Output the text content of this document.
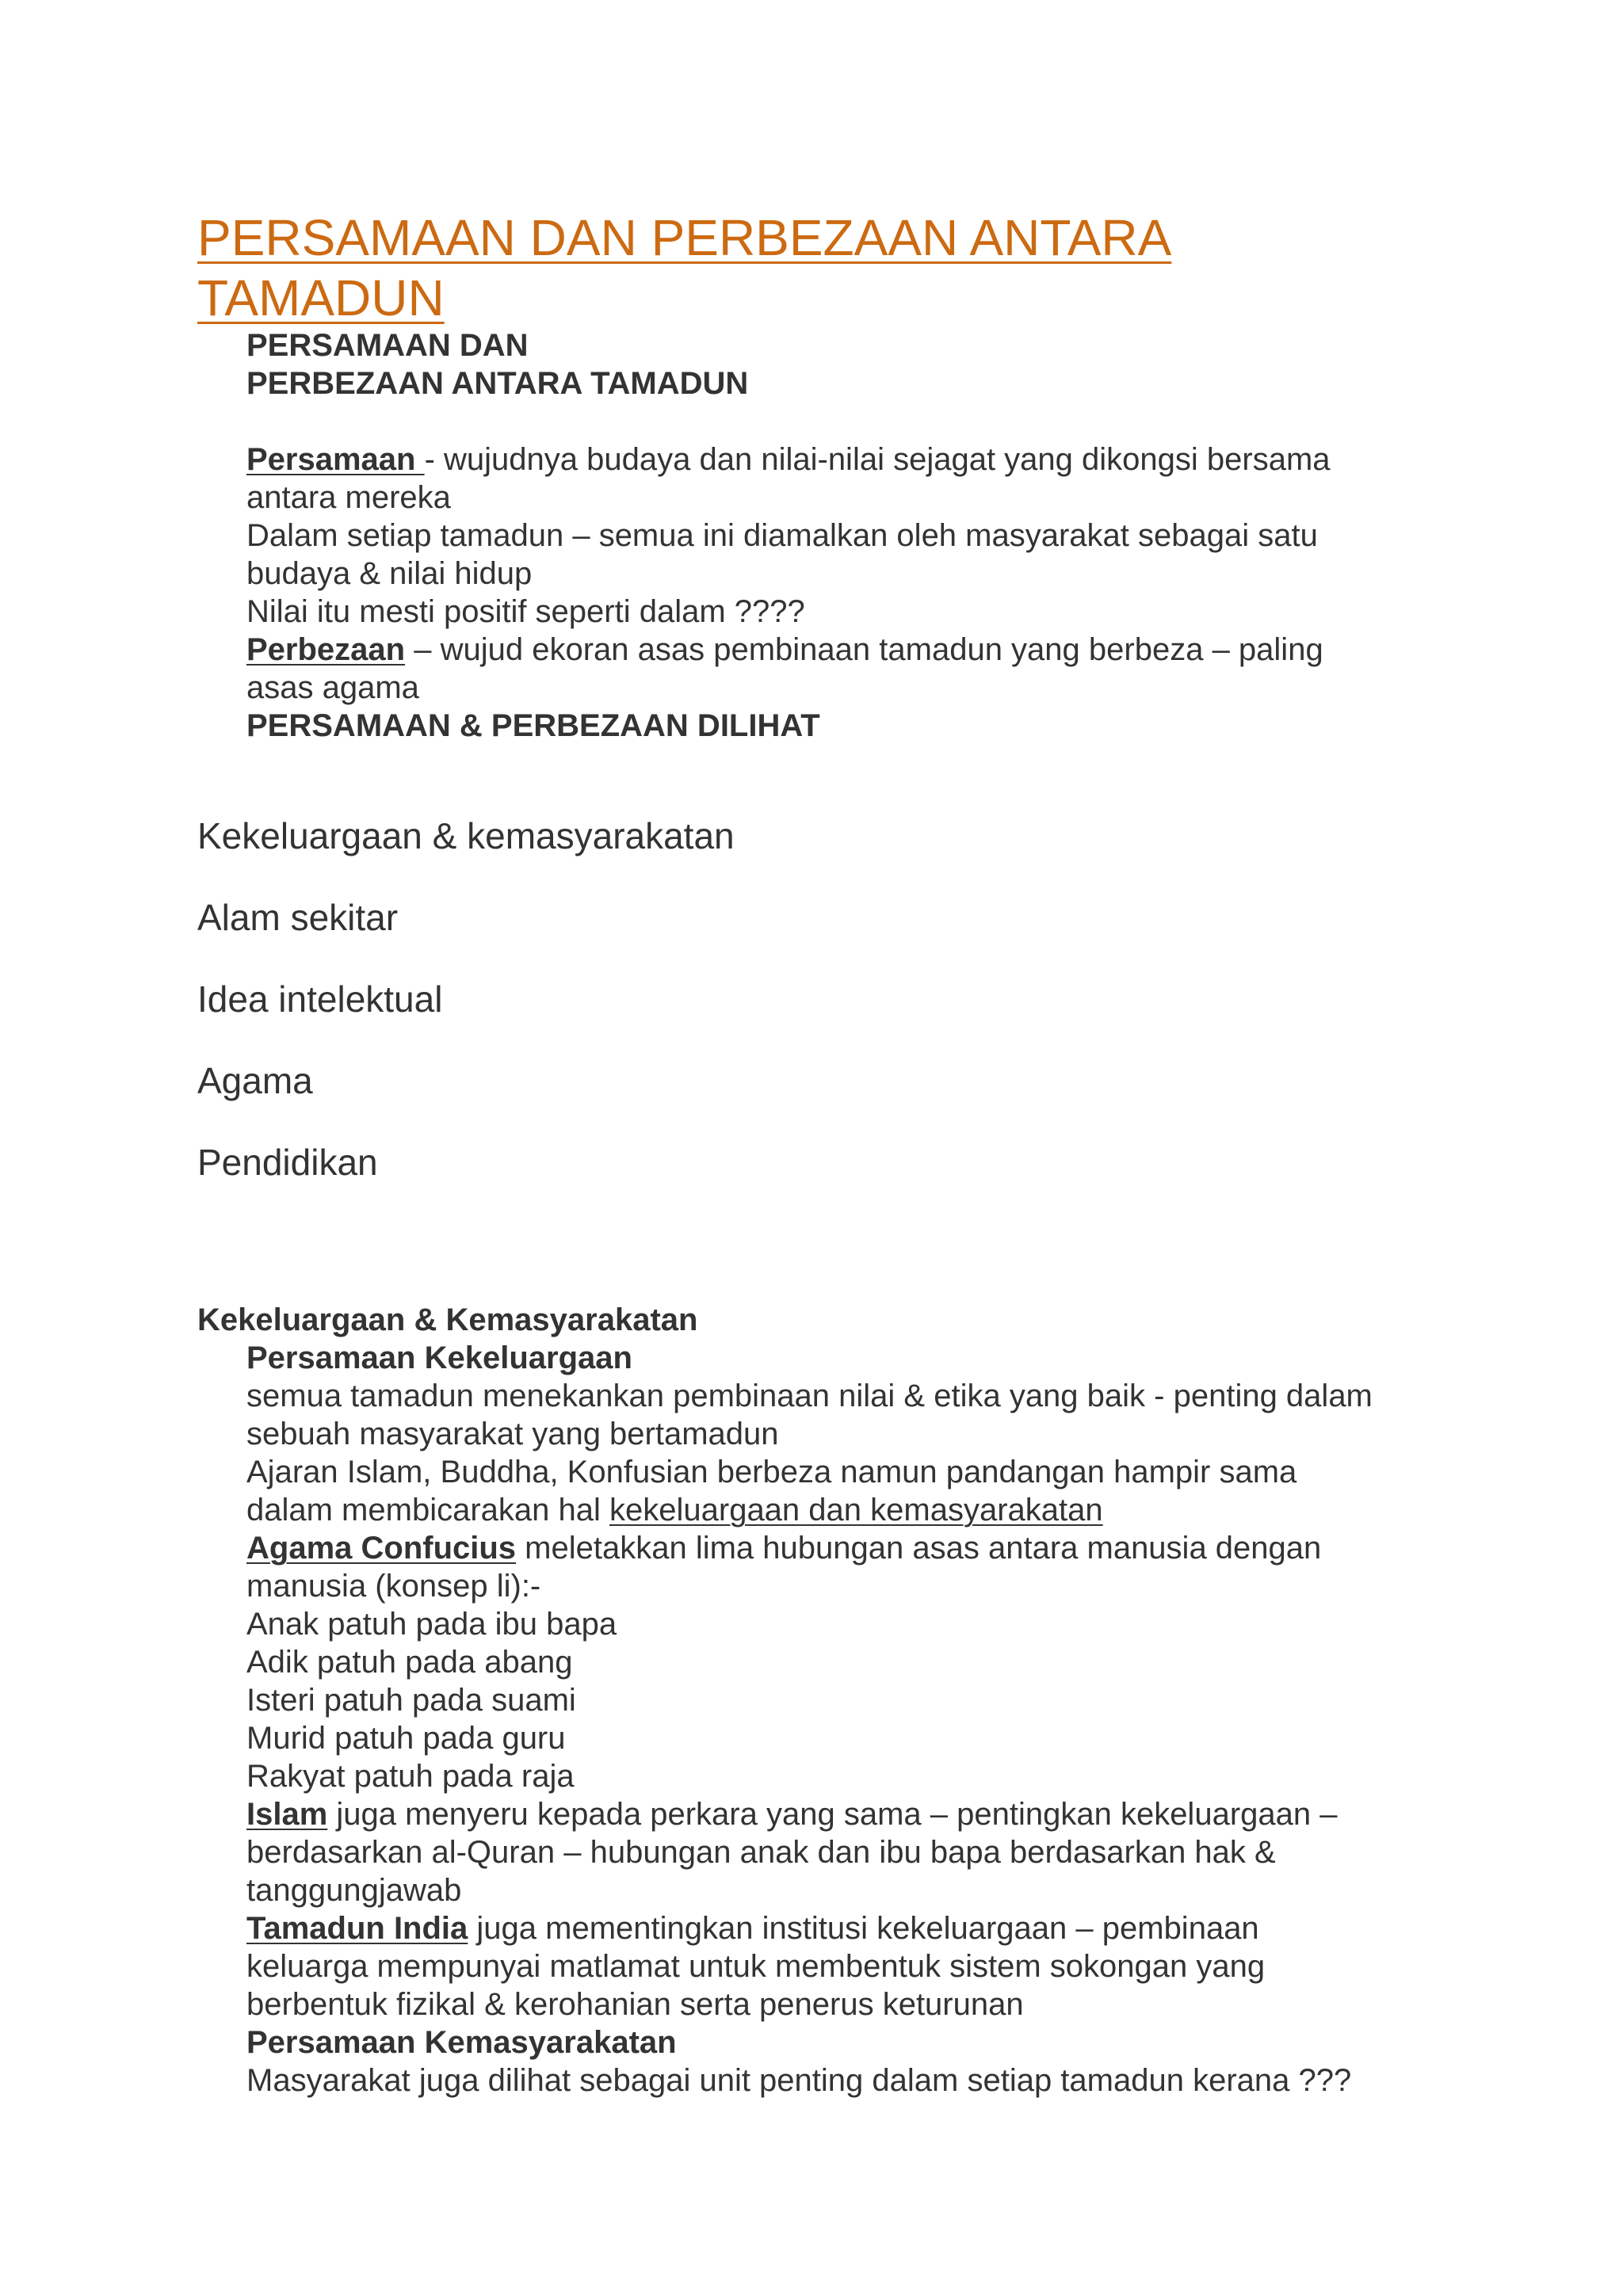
PERSAMAAN DAN PERBEZAAN ANTARA
TAMADUN
PERSAMAAN DAN
PERBEZAAN ANTARA TAMADUN
Persamaan - wujudnya budaya dan nilai-nilai sejagat yang dikongsi bersama
antara mereka
Dalam setiap tamadun – semua ini diamalkan oleh masyarakat sebagai satu
budaya & nilai hidup
Nilai itu mesti positif seperti dalam ????
Perbezaan – wujud ekoran asas pembinaan tamadun yang berbeza – paling
asas agama
PERSAMAAN & PERBEZAAN DILIHAT
Kekeluargaan & kemasyarakatan
Alam sekitar
Idea intelektual
Agama
Pendidikan
Kekeluargaan & Kemasyarakatan
Persamaan Kekeluargaan
semua tamadun menekankan pembinaan nilai & etika yang baik - penting dalam
sebuah masyarakat yang bertamadun
Ajaran Islam, Buddha, Konfusian berbeza namun pandangan hampir sama
dalam membicarakan hal kekeluargaan dan kemasyarakatan
Agama Confucius meletakkan lima hubungan asas antara manusia dengan
manusia (konsep li):-
Anak patuh pada ibu bapa
Adik patuh pada abang
Isteri patuh pada suami
Murid patuh pada guru
Rakyat patuh pada raja
Islam juga menyeru kepada perkara yang sama – pentingkan kekeluargaan –
berdasarkan al-Quran – hubungan anak dan ibu bapa berdasarkan hak &
tanggungjawab
Tamadun India juga mementingkan institusi kekeluargaan – pembinaan
keluarga mempunyai matlamat untuk membentuk sistem sokongan yang
berbentuk fizikal & kerohanian serta penerus keturunan
Persamaan Kemasyarakatan
Masyarakat juga dilihat sebagai unit penting dalam setiap tamadun kerana ???
